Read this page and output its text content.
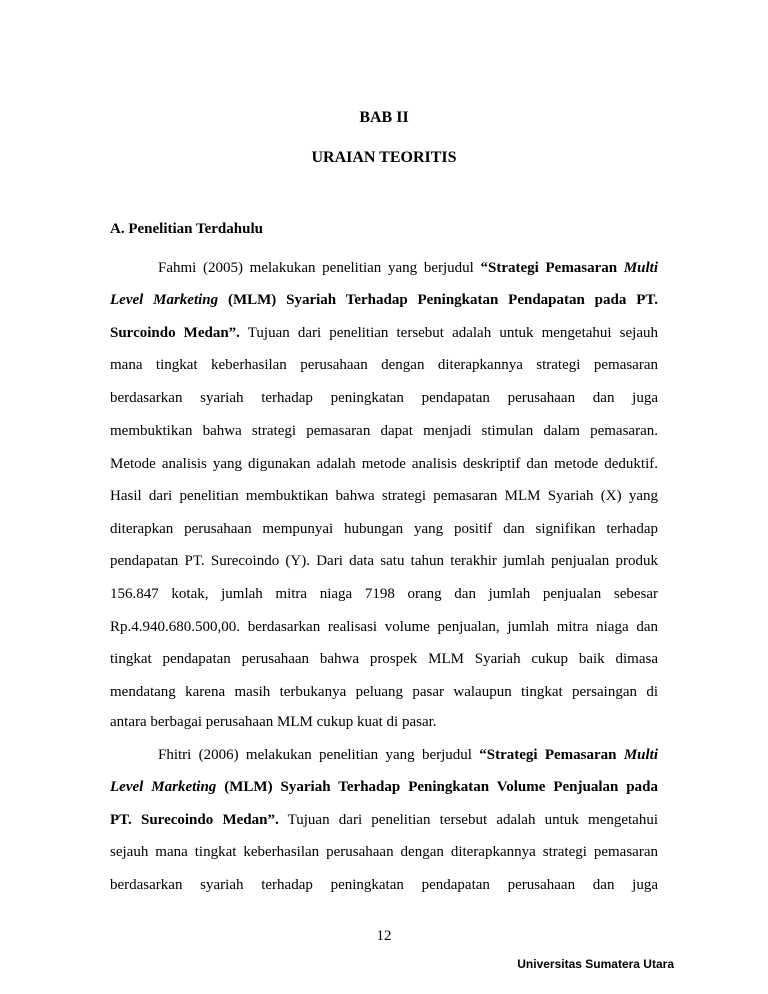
BAB II
URAIAN TEORITIS
A. Penelitian Terdahulu
Fahmi (2005) melakukan penelitian yang berjudul “Strategi Pemasaran Multi
Level Marketing (MLM) Syariah Terhadap Peningkatan Pendapatan pada PT.
Surcoindo Medan”. Tujuan dari penelitian tersebut adalah untuk mengetahui sejauh
mana tingkat keberhasilan perusahaan dengan diterapkannya strategi pemasaran
berdasarkan syariah terhadap peningkatan pendapatan perusahaan dan juga
membuktikan bahwa strategi pemasaran dapat menjadi stimulan dalam pemasaran.
Metode analisis yang digunakan adalah metode analisis deskriptif dan metode deduktif.
Hasil dari penelitian membuktikan bahwa strategi pemasaran MLM Syariah (X) yang
diterapkan perusahaan mempunyai hubungan yang positif dan signifikan terhadap
pendapatan PT. Surecoindo (Y). Dari data satu tahun terakhir jumlah penjualan produk
156.847 kotak, jumlah mitra niaga 7198 orang dan jumlah penjualan sebesar
Rp.4.940.680.500,00. berdasarkan realisasi volume penjualan, jumlah mitra niaga dan
tingkat pendapatan perusahaan bahwa prospek MLM Syariah cukup baik dimasa
mendatang karena masih terbukanya peluang pasar walaupun tingkat persaingan di
antara berbagai perusahaan MLM cukup kuat di pasar.
Fhitri (2006) melakukan penelitian yang berjudul “Strategi Pemasaran Multi
Level Marketing (MLM) Syariah Terhadap Peningkatan Volume Penjualan pada
PT. Surecoindo Medan”. Tujuan dari penelitian tersebut adalah untuk mengetahui
sejauh mana tingkat keberhasilan perusahaan dengan diterapkannya strategi pemasaran
berdasarkan syariah terhadap peningkatan pendapatan perusahaan dan juga
12
Universitas Sumatera Utara
